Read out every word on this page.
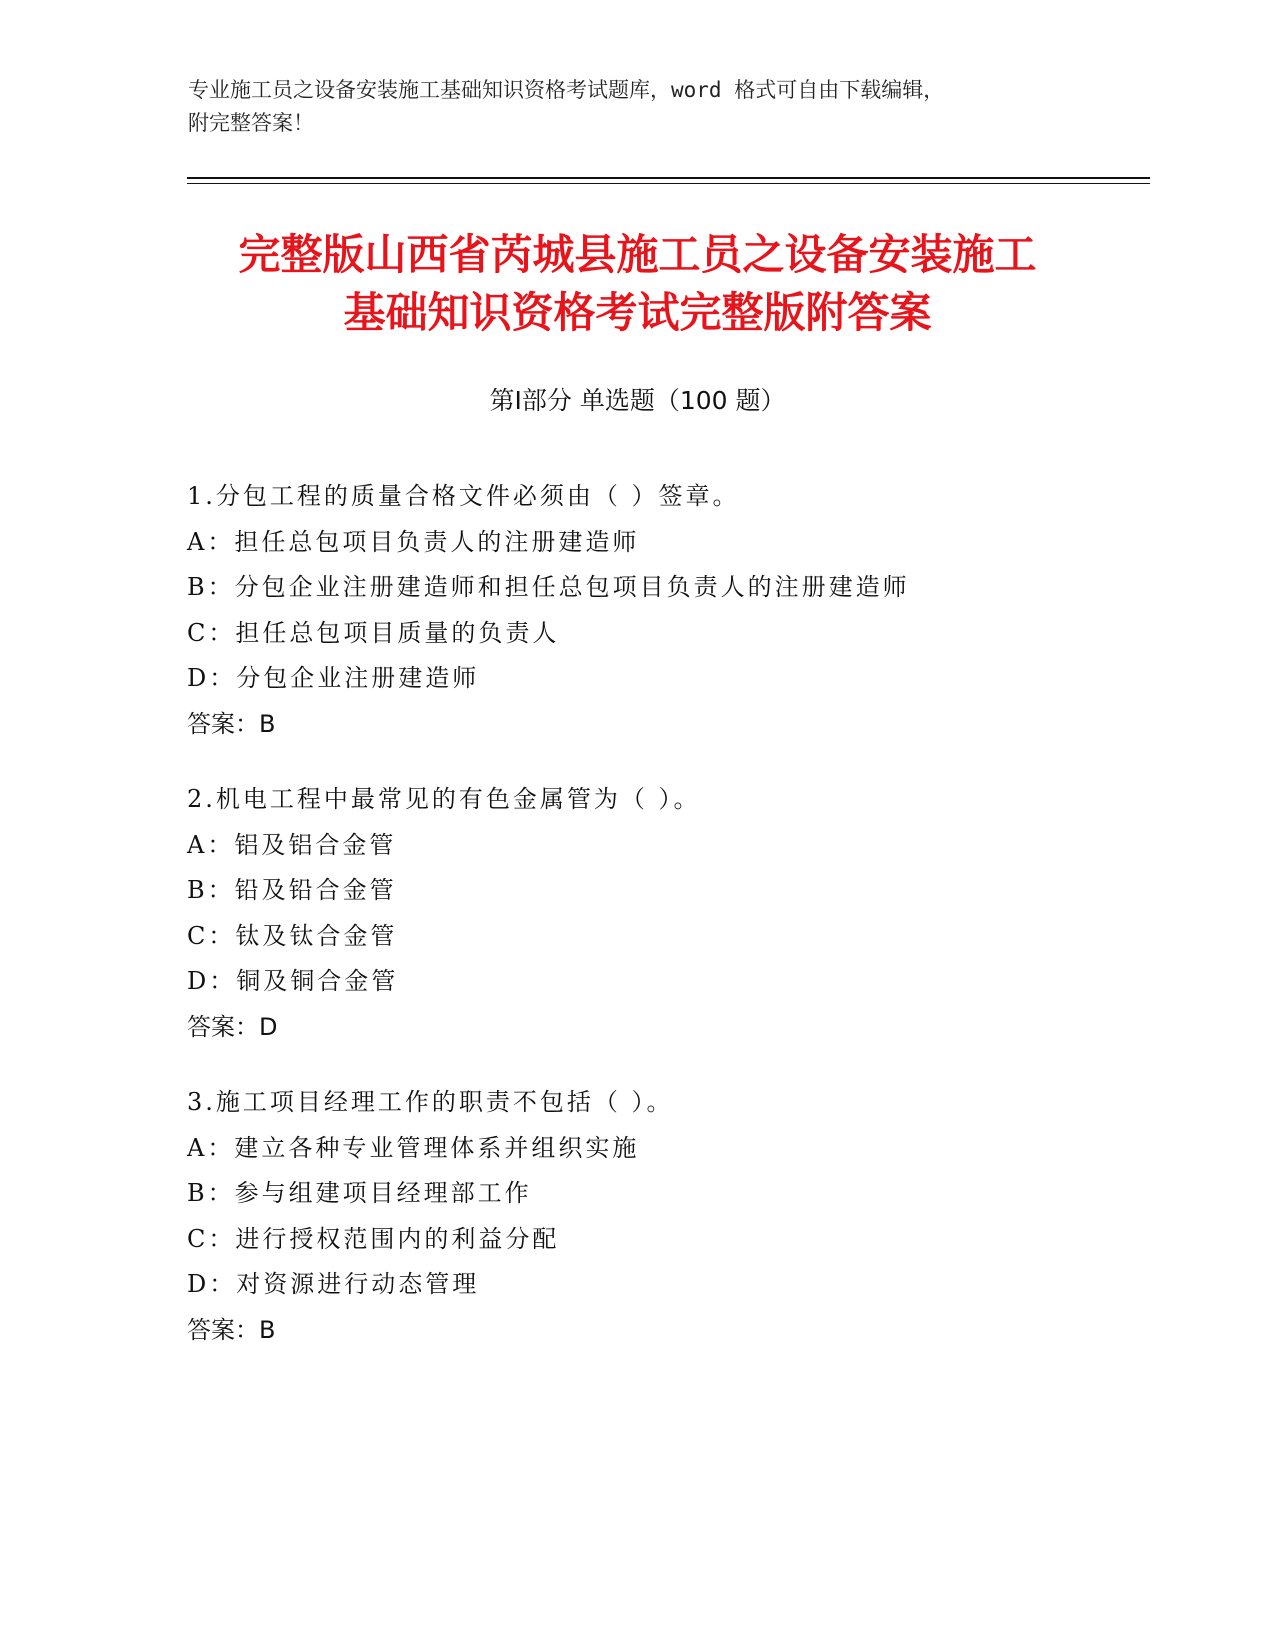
专业施工员之设备安装施工基础知识资格考试题库，word 格式可自由下载编辑，
附完整答案！
完整版山西省芮城县施工员之设备安装施工
基础知识资格考试完整版附答案
第Ⅰ部分 单选题（100 题）
1.分包工程的质量合格文件必须由（ ）签章。
A：担任总包项目负责人的注册建造师
B：分包企业注册建造师和担任总包项目负责人的注册建造师
C：担任总包项目质量的负责人
D：分包企业注册建造师
答案：B
2.机电工程中最常见的有色金属管为（ ）。
A：铝及铝合金管
B：铅及铅合金管
C：钛及钛合金管
D：铜及铜合金管
答案：D
3.施工项目经理工作的职责不包括（ ）。
A：建立各种专业管理体系并组织实施
B：参与组建项目经理部工作
C：进行授权范围内的利益分配
D：对资源进行动态管理
答案：B
